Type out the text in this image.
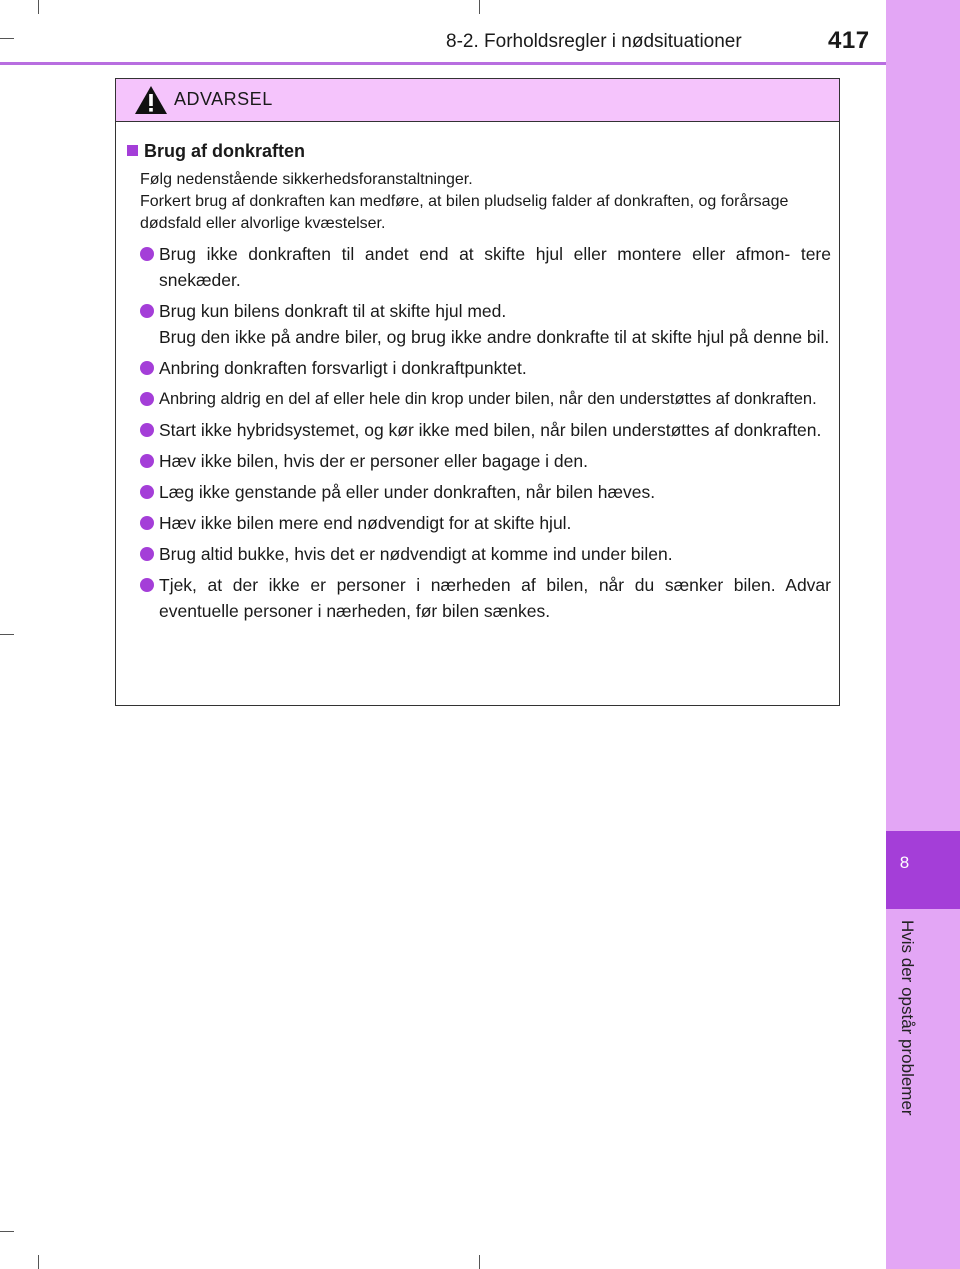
8-2. Forholdsregler i nødsituationer	417
8
Hvis der opstår problemer
ADVARSEL
Brug af donkraften
Følg nedenstående sikkerhedsforanstaltninger.
Forkert brug af donkraften kan medføre, at bilen pludselig falder af donkraften, og forårsage dødsfald eller alvorlige kvæstelser.
Brug ikke donkraften til andet end at skifte hjul eller montere eller afmon- tere snekæder.
Brug kun bilens donkraft til at skifte hjul med.
Brug den ikke på andre biler, og brug ikke andre donkrafte til at skifte hjul på denne bil.
Anbring donkraften forsvarligt i donkraftpunktet.
Anbring aldrig en del af eller hele din krop under bilen, når den understøttes af donkraften.
Start ikke hybridsystemet, og kør ikke med bilen, når bilen understøttes af donkraften.
Hæv ikke bilen, hvis der er personer eller bagage i den.
Læg ikke genstande på eller under donkraften, når bilen hæves.
Hæv ikke bilen mere end nødvendigt for at skifte hjul.
Brug altid bukke, hvis det er nødvendigt at komme ind under bilen.
Tjek, at der ikke er personer i nærheden af bilen, når du sænker bilen. Advar eventuelle personer i nærheden, før bilen sænkes.
